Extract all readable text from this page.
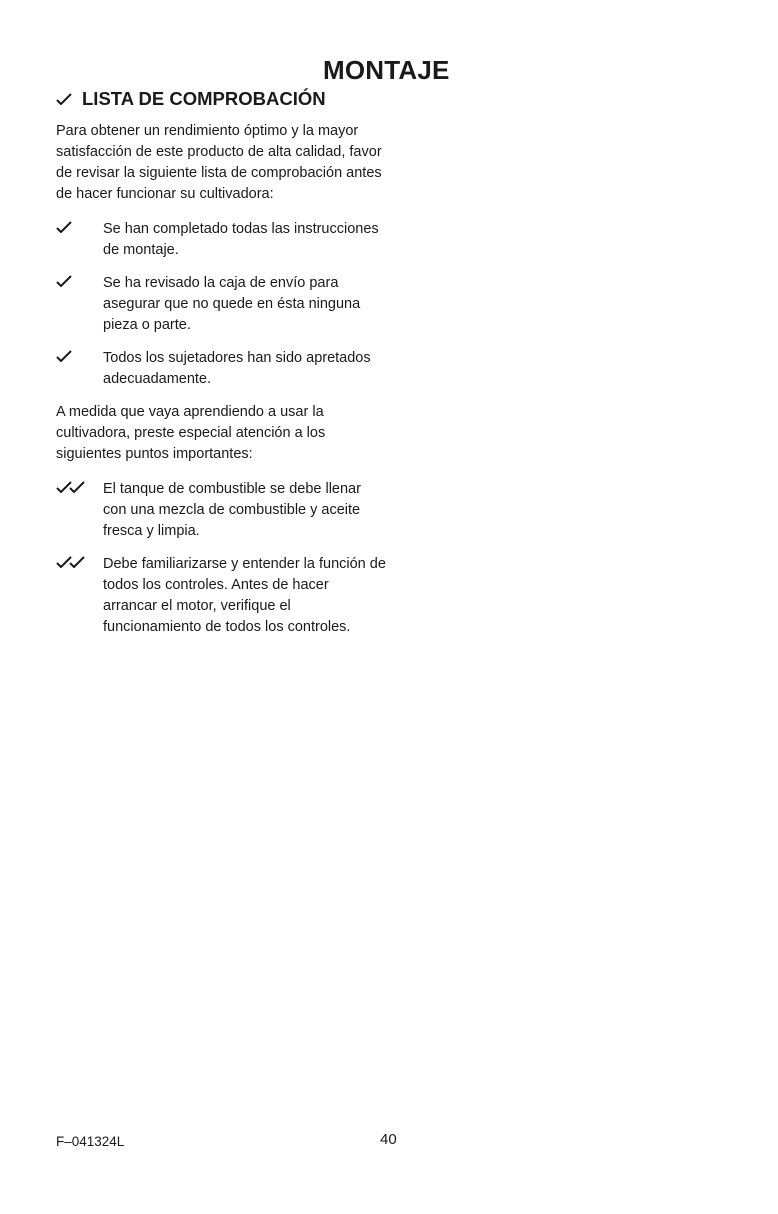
MONTAJE
LISTA DE COMPROBACIÓN

Para obtener un rendimiento óptimo y la mayor satisfacción de este producto de alta calidad, favor de revisar la siguiente lista de comprobación antes de hacer funcionar su cultivadora:

Se han completado todas las instrucciones de montaje.
Se ha revisado la caja de envío para asegurar que no quede en ésta ninguna pieza o parte.
Todos los sujetadores han sido apretados adecuadamente.

A medida que vaya aprendiendo a usar la cultivadora, preste especial atención a los siguientes puntos importantes:

El tanque de combustible se debe llenar con una mezcla de combustible y aceite fresca y limpia.
Debe familiarizarse y entender la función de todos los controles. Antes de hacer arrancar el motor, verifique el funcionamiento de todos los controles.
F–041324L	40
